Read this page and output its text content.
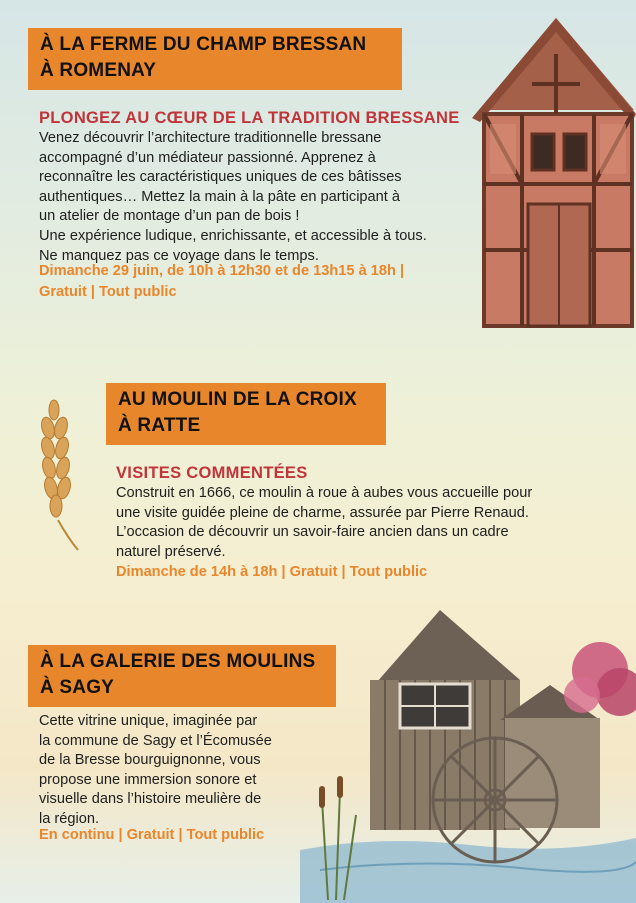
À LA FERME DU CHAMP BRESSAN
À ROMENAY
PLONGEZ AU CŒUR DE LA TRADITION BRESSANE

Venez découvrir l’architecture traditionnelle bressane

accompagné d’un médiateur passionné. Apprenez à

reconnaître les caractéristiques uniques de ces bâtisses

authentiques… Mettez la main à la pâte en participant à

un atelier de montage d’un pan de bois !

Une expérience ludique, enrichissante, et accessible à tous.

Ne manquez pas ce voyage dans le temps.

Dimanche 29 juin, de 10h à 12h30 et de 13h15 à 18h |
Gratuit | Tout public
AU MOULIN DE LA CROIX
À RATTE
VISITES COMMENTÉES

Construit en 1666, ce moulin à roue à aubes vous accueille pour

une visite guidée pleine de charme, assurée par Pierre Renaud.

L’occasion de découvrir un savoir-faire ancien dans un cadre

naturel préservé.

Dimanche de 14h à 18h | Gratuit | Tout public
À LA GALERIE DES MOULINS
À SAGY

Cette vitrine unique, imaginée par

la commune de Sagy et l’Écomusée

de la Bresse bourguignonne, vous

propose une immersion sonore et

visuelle dans l’histoire meulière de

la région.

En continu | Gratuit | Tout public
